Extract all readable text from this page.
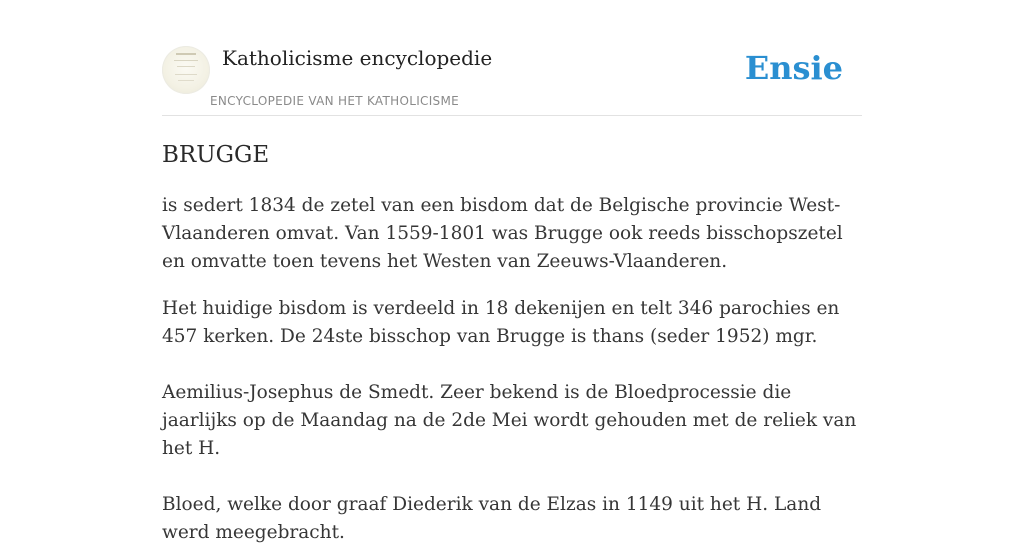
Katholicisme encyclopedie
ENCYCLOPEDIE VAN HET KATHOLICISME
Ensie
BRUGGE

is sedert 1834 de zetel van een bisdom dat de Belgische provincie West-Vlaanderen omvat. Van 1559-1801 was Brugge ook reeds bisschopszetel en omvatte toen tevens het Westen van Zeeuws-Vlaanderen.

Het huidige bisdom is verdeeld in 18 dekenijen en telt 346 parochies en 457 kerken. De 24ste bisschop van Brugge is thans (seder 1952) mgr.

Aemilius-Josephus de Smedt. Zeer bekend is de Bloedprocessie die jaarlijks op de Maandag na de 2de Mei wordt gehouden met de reliek van het H.

Bloed, welke door graaf Diederik van de Elzas in 1149 uit het H. Land werd meegebracht.
